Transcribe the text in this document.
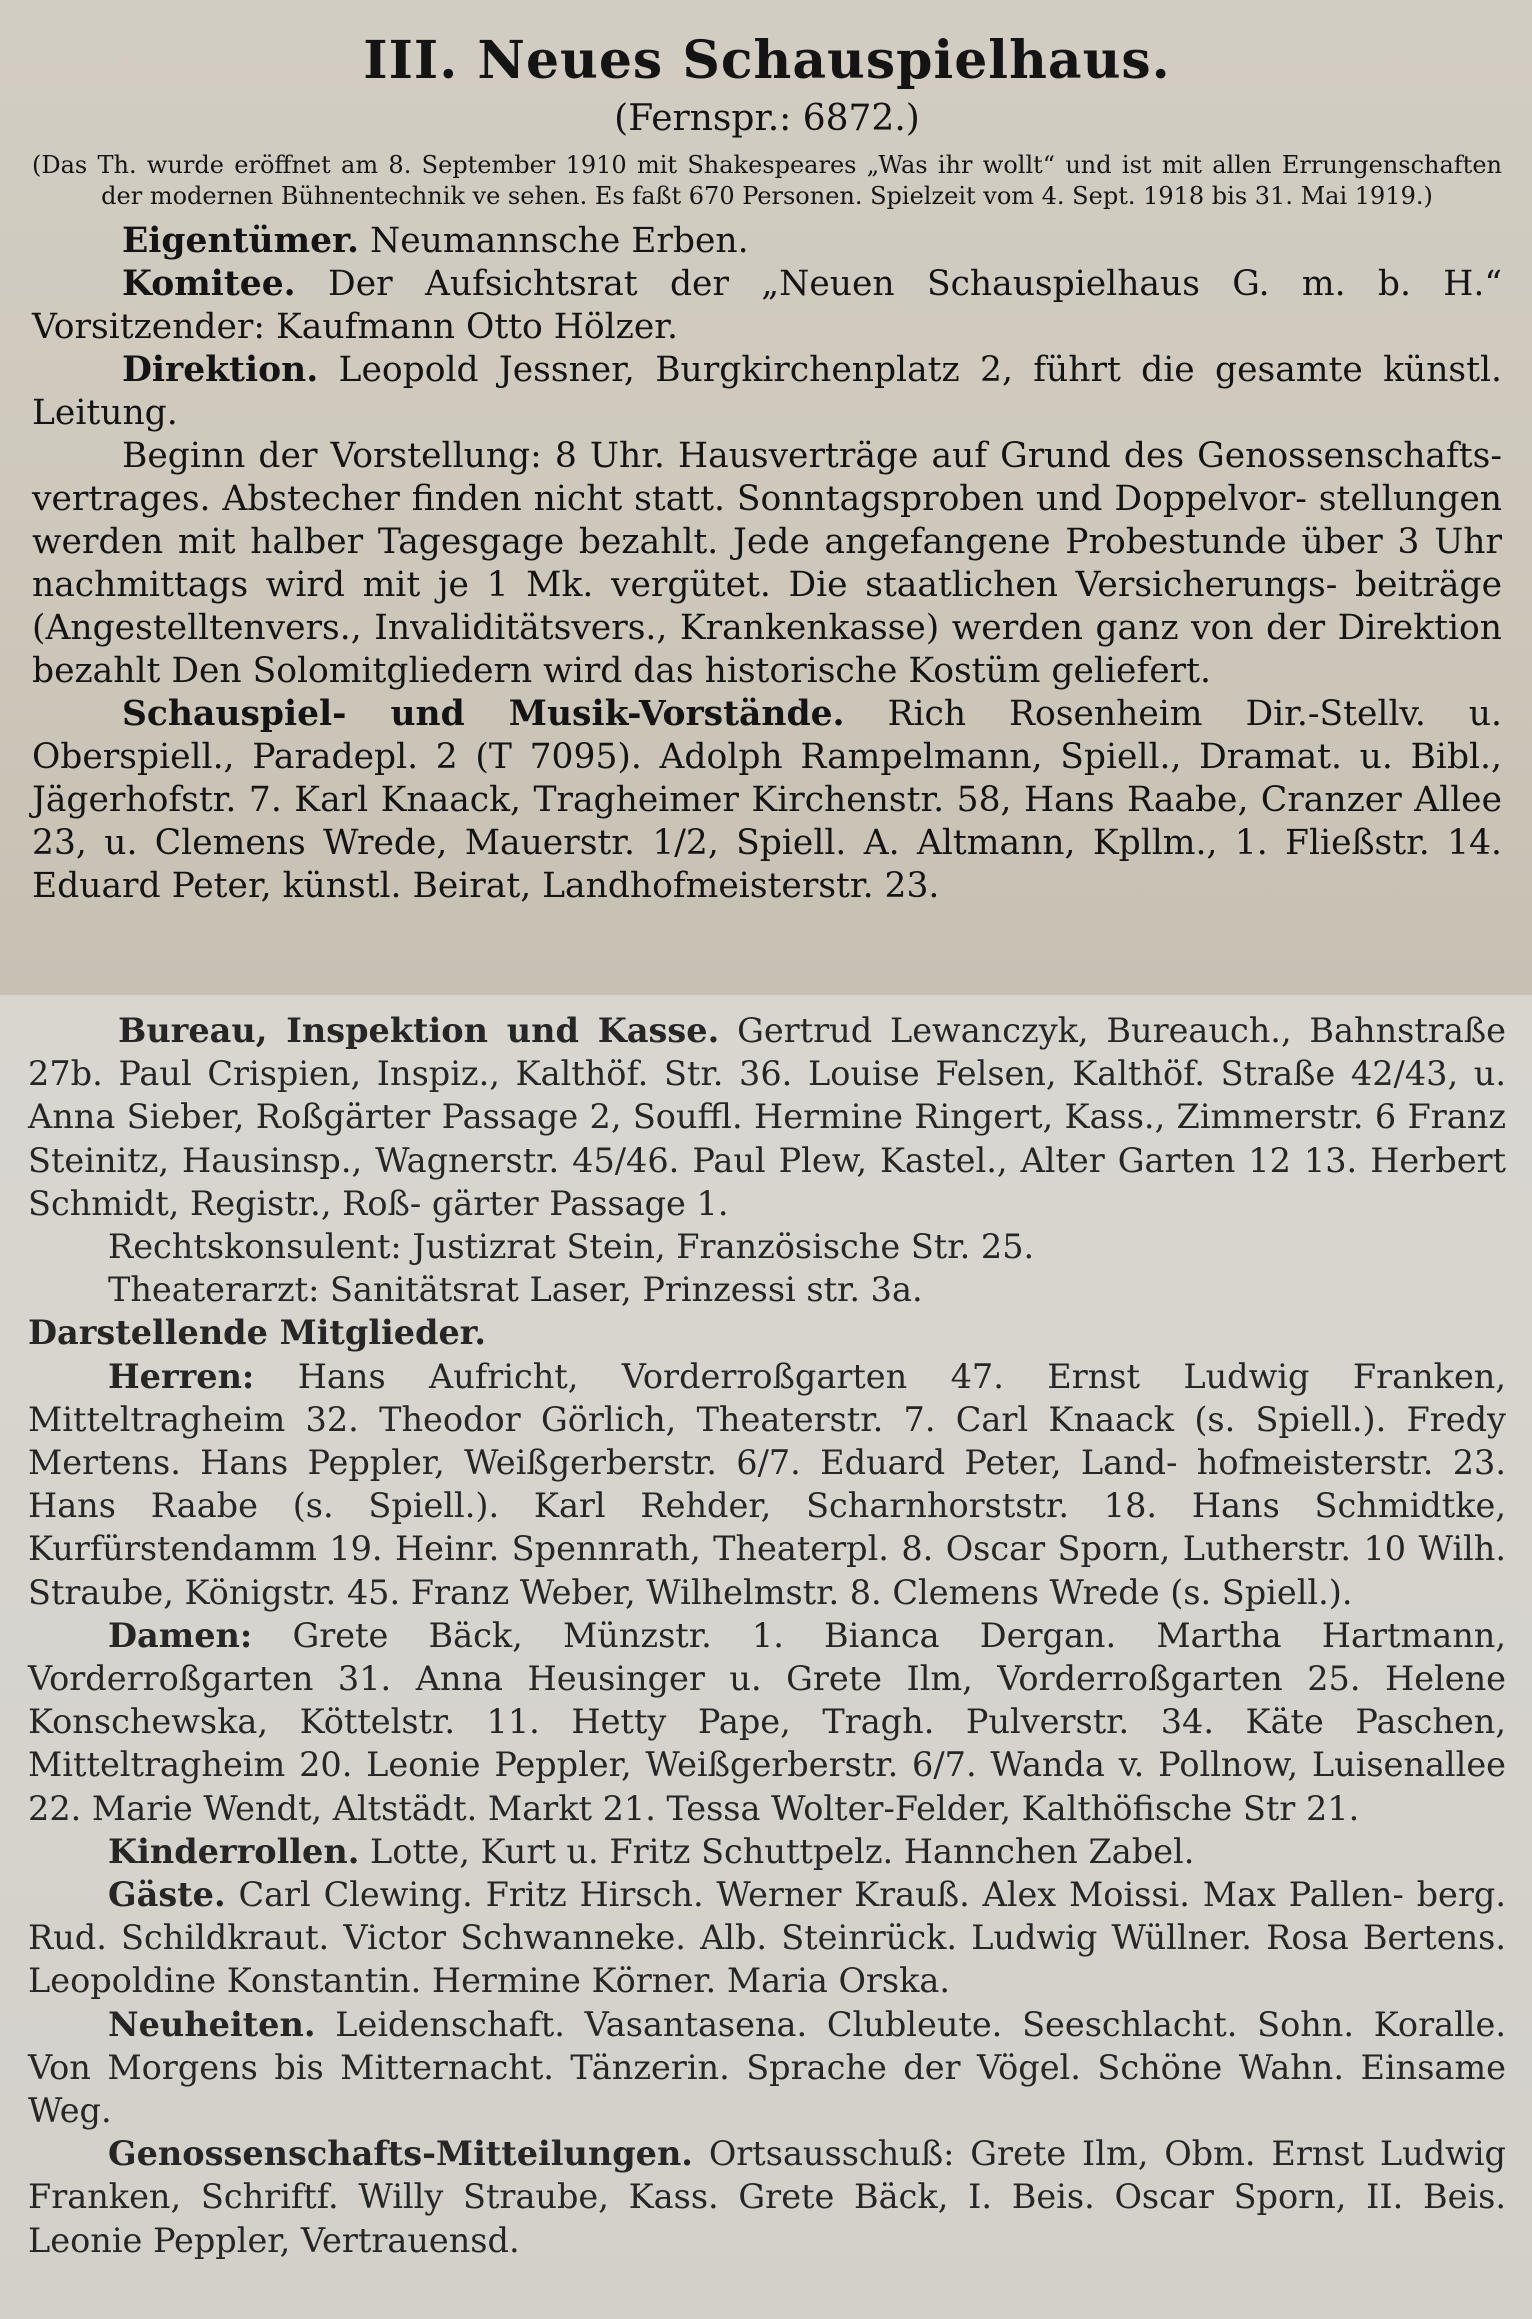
III. Neues Schauspielhaus.
(Fernspr.: 6872.)

(Das Th. wurde eröffnet am 8. September 1910 mit Shakespeares „Was ihr wollt“ und ist mit allen Errungenschaften der modernen Bühnentechnik ve sehen. Es faßt 670 Personen. Spielzeit vom 4. Sept. 1918 bis 31. Mai 1919.)

Eigentümer. Neumannsche Erben.

Komitee. Der Aufsichtsrat der „Neuen Schauspielhaus G. m. b. H.“ Vorsitzender: Kaufmann Otto Hölzer.

Direktion. Leopold Jessner, Burgkirchenplatz 2, führt die gesamte künstl. Leitung.

Beginn der Vorstellung: 8 Uhr. Hausverträge auf Grund des Genossenschafts- vertrages. Abstecher finden nicht statt. Sonntagsproben und Doppelvor- stellungen werden mit halber Tagesgage bezahlt. Jede angefangene Probestunde über 3 Uhr nachmittags wird mit je 1 Mk. vergütet. Die staatlichen Versicherungs- beiträge (Angestelltenvers., Invaliditätsvers., Krankenkasse) werden ganz von der Direktion bezahlt Den Solomitgliedern wird das historische Kostüm geliefert.

Schauspiel- und Musik-Vorstände. Rich Rosenheim Dir.-Stellv. u. Oberspiell., Paradepl. 2 (T 7095). Adolph Rampelmann, Spiell., Dramat. u. Bibl., Jägerhofstr. 7. Karl Knaack, Tragheimer Kirchenstr. 58, Hans Raabe, Cranzer Allee 23, u. Clemens Wrede, Mauerstr. 1/2, Spiell. A. Altmann, Kpllm., 1. Fließstr. 14. Eduard Peter, künstl. Beirat, Landhofmeisterstr. 23.

Bureau, Inspektion und Kasse. Gertrud Lewanczyk, Bureauch., Bahnstraße 27b. Paul Crispien, Inspiz., Kalthöf. Str. 36. Louise Felsen, Kalthöf. Straße 42/43, u. Anna Sieber, Roßgärter Passage 2, Souffl. Hermine Ringert, Kass., Zimmerstr. 6 Franz Steinitz, Hausinsp., Wagnerstr. 45/46. Paul Plew, Kastel., Alter Garten 12 13. Herbert Schmidt, Registr., Roß- gärter Passage 1.

Rechtskonsulent: Justizrat Stein, Französische Str. 25.

Theaterarzt: Sanitätsrat Laser, Prinzessi str. 3a.

Darstellende Mitglieder.

Herren: Hans Aufricht, Vorderroßgarten 47. Ernst Ludwig Franken, Mitteltragheim 32. Theodor Görlich, Theaterstr. 7. Carl Knaack (s. Spiell.). Fredy Mertens. Hans Peppler, Weißgerberstr. 6/7. Eduard Peter, Land- hofmeisterstr. 23. Hans Raabe (s. Spiell.). Karl Rehder, Scharnhorststr. 18. Hans Schmidtke, Kurfürstendamm 19. Heinr. Spennrath, Theaterpl. 8. Oscar Sporn, Lutherstr. 10 Wilh. Straube, Königstr. 45. Franz Weber, Wilhelmstr. 8. Clemens Wrede (s. Spiell.).

Damen: Grete Bäck, Münzstr. 1. Bianca Dergan. Martha Hartmann, Vorderroßgarten 31. Anna Heusinger u. Grete Ilm, Vorderroßgarten 25. Helene Konschewska, Köttelstr. 11. Hetty Pape, Tragh. Pulverstr. 34. Käte Paschen, Mitteltragheim 20. Leonie Peppler, Weißgerberstr. 6/7. Wanda v. Pollnow, Luisenallee 22. Marie Wendt, Altstädt. Markt 21. Tessa Wolter-Felder, Kalthöfische Str 21.

Kinderrollen. Lotte, Kurt u. Fritz Schuttpelz. Hannchen Zabel.

Gäste. Carl Clewing. Fritz Hirsch. Werner Krauß. Alex Moissi. Max Pallen- berg. Rud. Schildkraut. Victor Schwanneke. Alb. Steinrück. Ludwig Wüllner. Rosa Bertens. Leopoldine Konstantin. Hermine Körner. Maria Orska.

Neuheiten. Leidenschaft. Vasantasena. Clubleute. Seeschlacht. Sohn. Koralle. Von Morgens bis Mitternacht. Tänzerin. Sprache der Vögel. Schöne Wahn. Einsame Weg.

Genossenschafts-Mitteilungen. Ortsausschuß: Grete Ilm, Obm. Ernst Ludwig Franken, Schriftf. Willy Straube, Kass. Grete Bäck, I. Beis. Oscar Sporn, II. Beis. Leonie Peppler, Vertrauensd.
